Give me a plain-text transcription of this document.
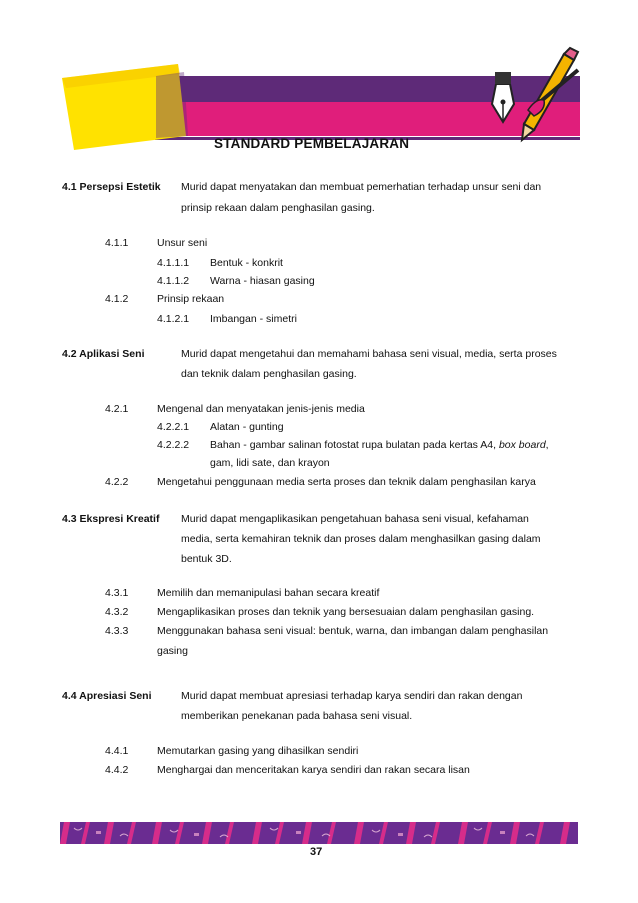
STANDARD PEMBELAJARAN
4.1 Persepsi Estetik Murid dapat menyatakan dan membuat pemerhatian terhadap unsur seni dan
prinsip rekaan dalam penghasilan gasing.
4.1.1	Unsur seni
4.1.1.1 Bentuk - konkrit
4.1.1.2 Warna - hiasan gasing
4.1.2	Prinsip rekaan
4.1.2.1 Imbangan - simetri
4.2 Aplikasi Seni	Murid dapat mengetahui dan memahami bahasa seni visual, media, serta proses
dan teknik dalam penghasilan gasing.
4.2.1	Mengenal dan menyatakan jenis-jenis media
4.2.2.1 Alatan - gunting
4.2.2.2 Bahan - gambar salinan fotostat rupa bulatan pada kertas A4, box board,
gam, lidi sate, dan krayon
4.2.2	Mengetahui penggunaan media serta proses dan teknik dalam penghasilan karya
4.3 Ekspresi Kreatif Murid dapat mengaplikasikan pengetahuan bahasa seni visual, kefahaman
media, serta kemahiran teknik dan proses dalam menghasilkan gasing dalam
bentuk 3D.
4.3.1	Memilih dan memanipulasi bahan secara kreatif
4.3.2	Mengaplikasikan proses dan teknik yang bersesuaian dalam penghasilan gasing.
4.3.3	Menggunakan bahasa seni visual: bentuk, warna, dan imbangan dalam penghasilan
gasing
4.4 Apresiasi Seni	Murid dapat membuat apresiasi terhadap karya sendiri dan rakan dengan
memberikan penekanan pada bahasa seni visual.
4.4.1	Memutarkan gasing yang dihasilkan sendiri
4.4.2	Menghargai dan menceritakan karya sendiri dan rakan secara lisan
37
